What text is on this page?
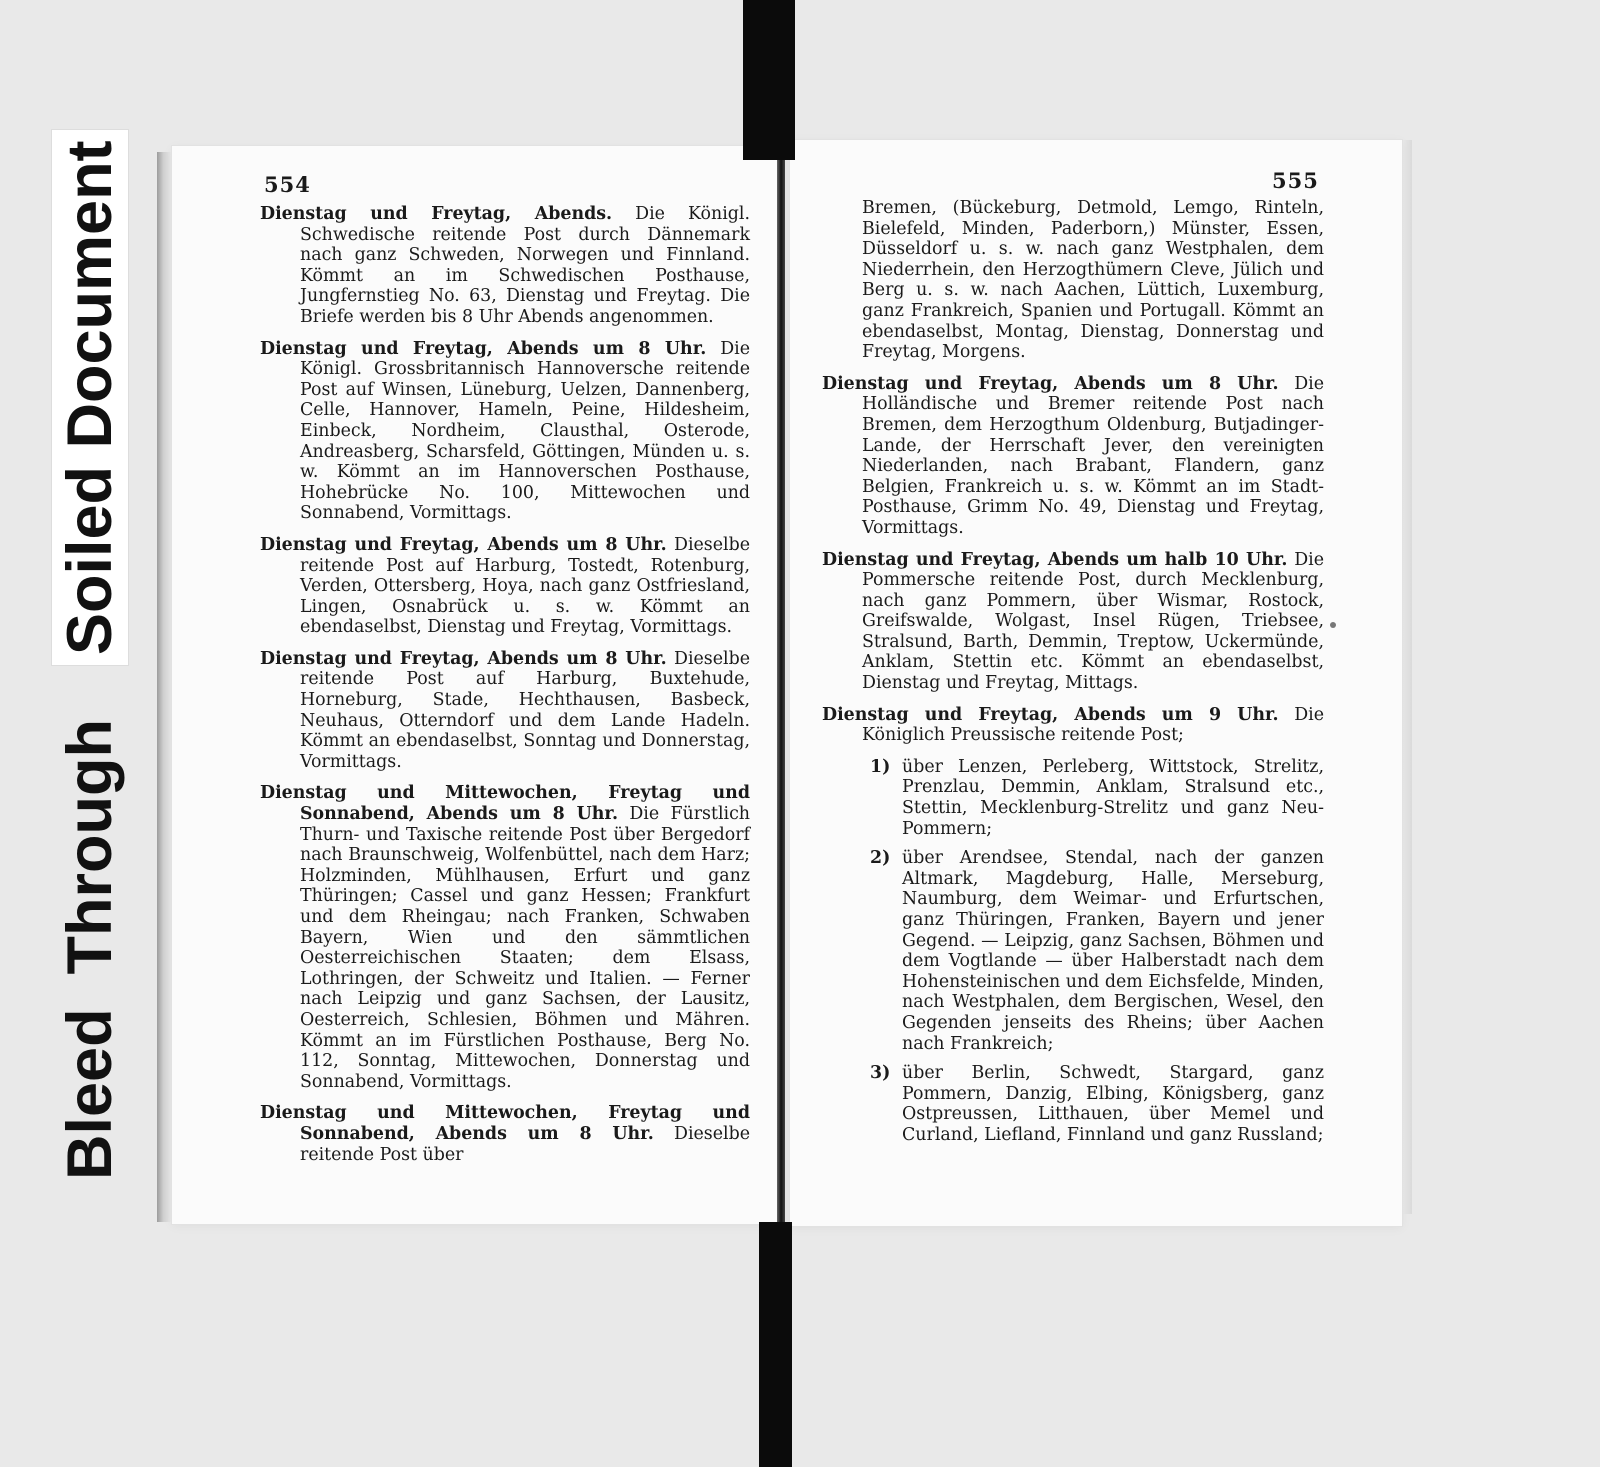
BleedThroughSoiled Document	554

Dienstag und Freytag, Abends. Die Königl. Schwedische reitende Post durch Dännemark nach ganz Schweden, Norwegen und Finnland. Kömmt an im Schwedischen Posthause, Jungfernstieg No. 63, Dienstag und Freytag. Die Briefe werden bis 8 Uhr Abends angenommen.

Dienstag und Freytag, Abends um 8 Uhr. Die Königl. Grossbritannisch Hannoversche reitende Post auf Winsen, Lüneburg, Uelzen, Dannenberg, Celle, Hannover, Hameln, Peine, Hildesheim, Einbeck, Nordheim, Clausthal, Osterode, Andreasberg, Scharsfeld, Göttingen, Münden u. s. w. Kömmt an im Hannoverschen Posthause, Hohebrücke No. 100, Mittewochen und Sonnabend, Vormittags.

Dienstag und Freytag, Abends um 8 Uhr. Dieselbe reitende Post auf Harburg, Tostedt, Rotenburg, Verden, Ottersberg, Hoya, nach ganz Ostfriesland, Lingen, Osnabrück u. s. w. Kömmt an ebendaselbst, Dienstag und Freytag, Vormittags.

Dienstag und Freytag, Abends um 8 Uhr. Dieselbe reitende Post auf Harburg, Buxtehude, Horneburg, Stade, Hechthausen, Basbeck, Neuhaus, Otterndorf und dem Lande Hadeln. Kömmt an ebendaselbst, Sonntag und Donnerstag, Vormittags.

Dienstag und Mittewochen, Freytag und Sonnabend, Abends um 8 Uhr. Die Fürstlich Thurn- und Taxische reitende Post über Bergedorf nach Braunschweig, Wolfenbüttel, nach dem Harz; Holzminden, Mühlhausen, Erfurt und ganz Thüringen; Cassel und ganz Hessen; Frankfurt und dem Rheingau; nach Franken, Schwaben Bayern, Wien und den sämmtlichen Oesterreichischen Staaten; dem Elsass, Lothringen, der Schweitz und Italien. — Ferner nach Leipzig und ganz Sachsen, der Lausitz, Oesterreich, Schlesien, Böhmen und Mähren. Kömmt an im Fürstlichen Posthause, Berg No. 112, Sonntag, Mittewochen, Donnerstag und Sonnabend, Vormittags.

Dienstag und Mittewochen, Freytag und Sonnabend, Abends um 8 Uhr. Dieselbe reitende Post über

555

Bremen, (Bückeburg, Detmold, Lemgo, Rinteln, Bielefeld, Minden, Paderborn,) Münster, Essen, Düsseldorf u. s. w. nach ganz Westphalen, dem Niederrhein, den Herzogthümern Cleve, Jülich und Berg u. s. w. nach Aachen, Lüttich, Luxemburg, ganz Frankreich, Spanien und Portugall. Kömmt an ebendaselbst, Montag, Dienstag, Donnerstag und Freytag, Morgens.

Dienstag und Freytag, Abends um 8 Uhr. Die Holländische und Bremer reitende Post nach Bremen, dem Herzogthum Oldenburg, Butjadinger-Lande, der Herrschaft Jever, den vereinigten Niederlanden, nach Brabant, Flandern, ganz Belgien, Frankreich u. s. w. Kömmt an im Stadt-Posthause, Grimm No. 49, Dienstag und Freytag, Vormittags.

Dienstag und Freytag, Abends um halb 10 Uhr. Die Pommersche reitende Post, durch Mecklenburg, nach ganz Pommern, über Wismar, Rostock, Greifswalde, Wolgast, Insel Rügen, Triebsee, Stralsund, Barth, Demmin, Treptow, Uckermünde, Anklam, Stettin etc. Kömmt an ebendaselbst, Dienstag und Freytag, Mittags.

Dienstag und Freytag, Abends um 9 Uhr. Die Königlich Preussische reitende Post;

1) über Lenzen, Perleberg, Wittstock, Strelitz, Prenzlau, Demmin, Anklam, Stralsund etc., Stettin, Mecklenburg-Strelitz und ganz Neu-Pommern;
2) über Arendsee, Stendal, nach der ganzen Altmark, Magdeburg, Halle, Merseburg, Naumburg, dem Weimar- und Erfurtschen, ganz Thüringen, Franken, Bayern und jener Gegend. — Leipzig, ganz Sachsen, Böhmen und dem Vogtlande — über Halberstadt nach dem Hohensteinischen und dem Eichsfelde, Minden, nach Westphalen, dem Bergischen, Wesel, den Gegenden jenseits des Rheins; über Aachen nach Frankreich;
3) über Berlin, Schwedt, Stargard, ganz Pommern, Danzig, Elbing, Königsberg, ganz Ostpreussen, Litthauen, über Memel und Curland, Liefland, Finnland und ganz Russland;
